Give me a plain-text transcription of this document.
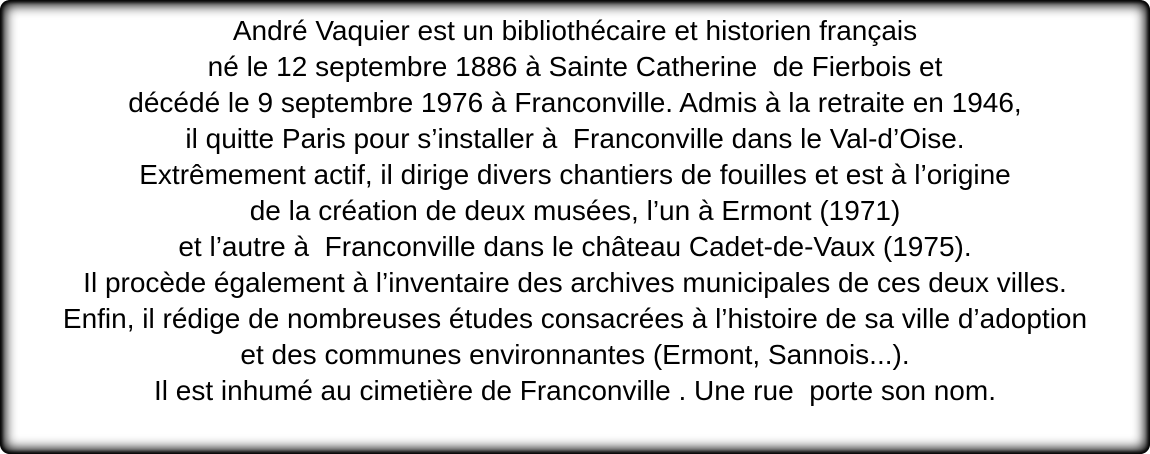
André Vaquier est un bibliothécaire et historien français
né le 12 septembre 1886 à Sainte Catherine  de Fierbois et
décédé le 9 septembre 1976 à Franconville. Admis à la retraite en 1946,
il quitte Paris pour s’installer à  Franconville dans le Val-d’Oise.
Extrêmement actif, il dirige divers chantiers de fouilles et est à l’origine
de la création de deux musées, l’un à Ermont (1971)
et l’autre à  Franconville dans le château Cadet-de-Vaux (1975).
Il procède également à l’inventaire des archives municipales de ces deux villes.
Enfin, il rédige de nombreuses études consacrées à l’histoire de sa ville d’adoption
et des communes environnantes (Ermont, Sannois...).
Il est inhumé au cimetière de Franconville . Une rue  porte son nom.
